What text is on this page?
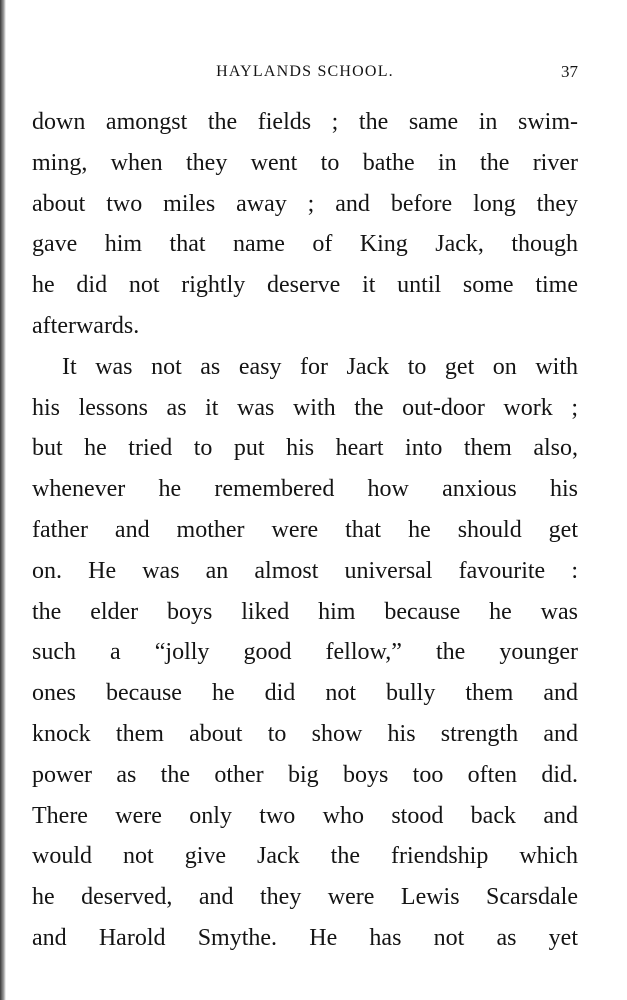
HAYLANDS SCHOOL.	37
down amongst the fields ; the same in swim-
ming, when they went to bathe in the river
about two miles away ; and before long they
gave him that name of King Jack, though
he did not rightly deserve it until some time
afterwards.
It was not as easy for Jack to get on with
his lessons as it was with the out-door work ;
but he tried to put his heart into them also,
whenever he remembered how anxious his
father and mother were that he should get
on. He was an almost universal favourite :
the elder boys liked him because he was
such a “jolly good fellow,” the younger
ones because he did not bully them and
knock them about to show his strength and
power as the other big boys too often did.
There were only two who stood back and
would not give Jack the friendship which
he deserved, and they were Lewis Scarsdale
and Harold Smythe. He has not as yet
